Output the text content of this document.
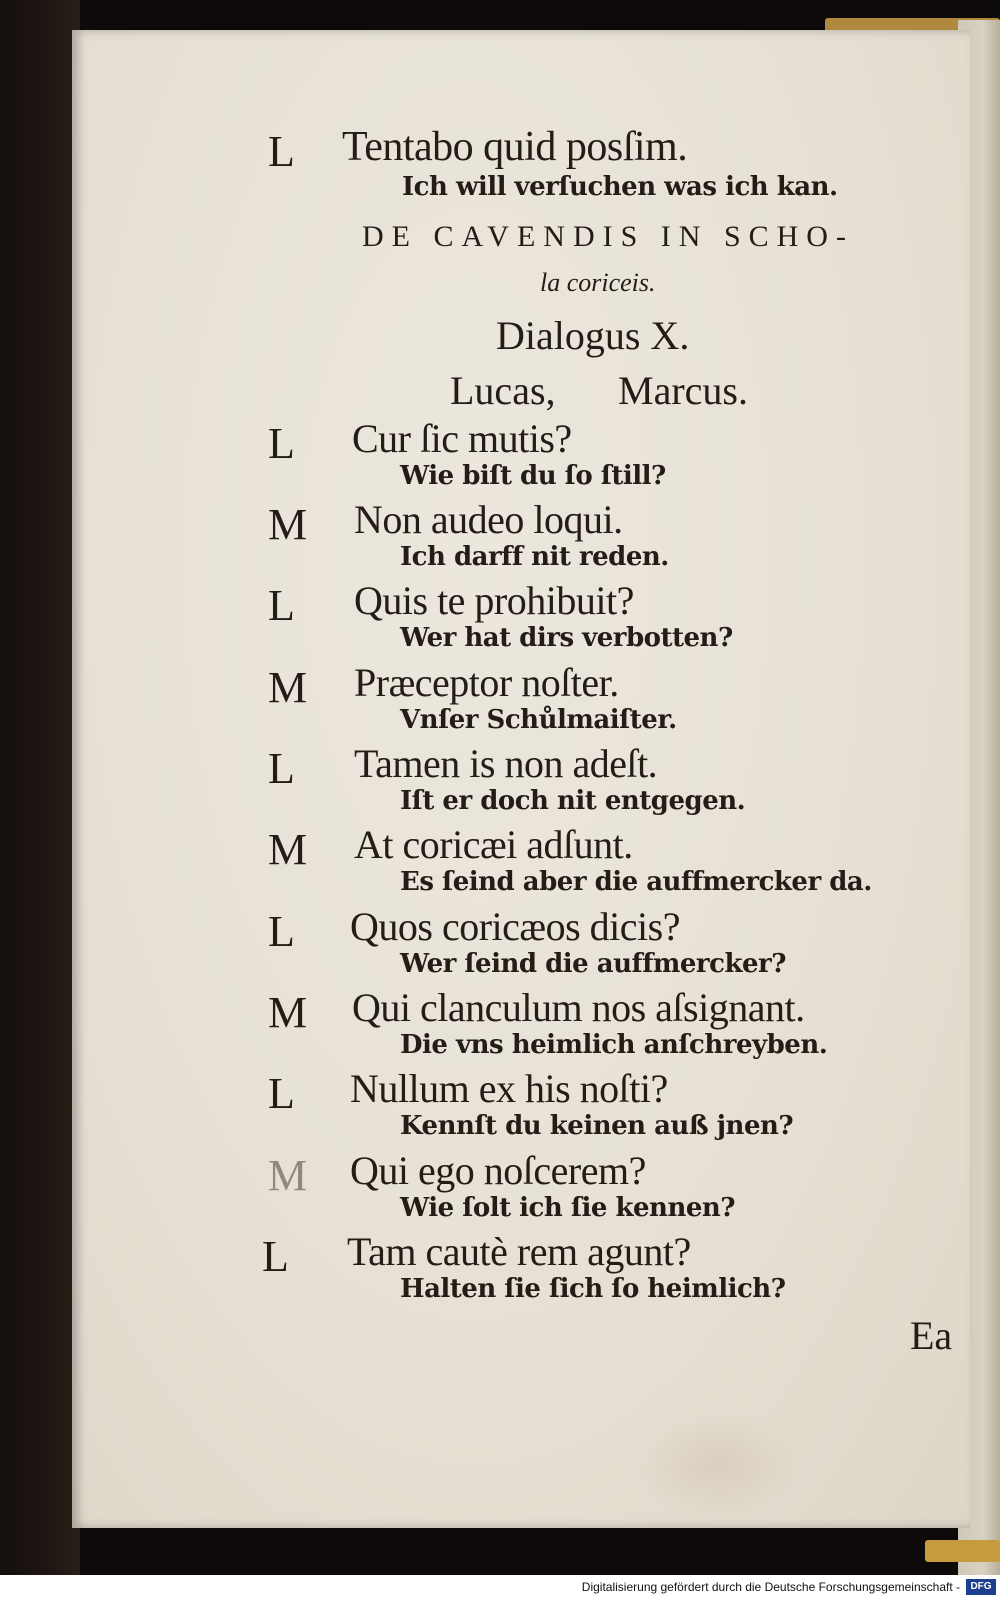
L	Tentabo quid posſim.
Ich will verſuchen was ich kan.
DE CAVENDIS IN SCHO-
la coriceis.
Dialogus X.
Lucas, Marcus.
L	Cur ſic mutis?
Wie biſt du ſo ſtill?
M	Non audeo loqui.
Ich darff nit reden.
L	Quis te prohibuit?
Wer hat dirs verbotten?
M	Præceptor noſter.
Vnſer Schůlmaiſter.
L	Tamen is non adeſt.
Iſt er doch nit entgegen.
M	At coricæi adſunt.
Es ſeind aber die auffmercker da.
L	Quos coricæos dicis?
Wer ſeind die auffmercker?
M	Qui clanculum nos aſsignant.
Die vns heimlich anſchreyben.
L	Nullum ex his noſti?
Kennſt du keinen auß jnen?
M	Qui ego noſcerem?
Wie ſolt ich ſie kennen?
L	Tam cautè rem agunt?
Halten ſie ſich ſo heimlich?
Ea
Digitalisierung gefördert durch die Deutsche Forschungsgemeinschaft -	DFG
